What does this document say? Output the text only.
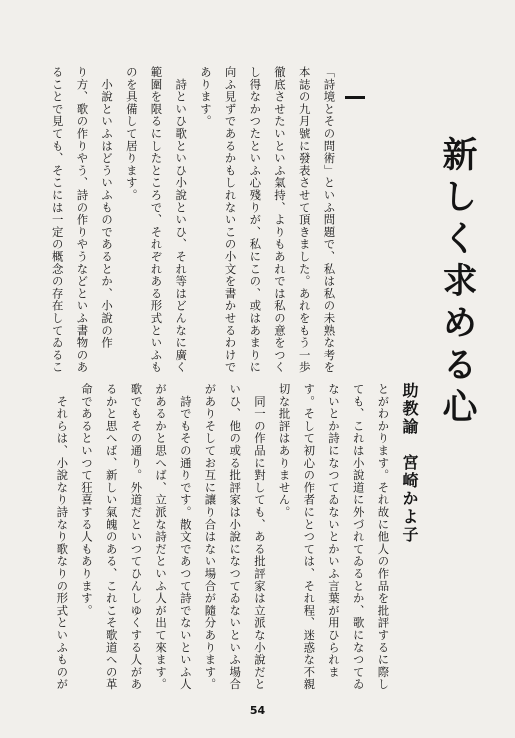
「詩境とその問術」といふ問題で、私は私の未熟な考を
本誌の九月號に發表させて頂きました。あれをもう一歩
徹底させたいといふ氣持、よりもあれでは私の意をつく
し得なかつたといふ心殘りが、私にこの、或はあまりに
向ふ見ずであるかもしれないこの小文を書かせるわけで
あります。
　詩といひ歌といひ小說といひ、それ等はどんなに廣く
範圍を限るにしたところで、それぞれある形式といふも
のを具備して居ります。
　小說といふはどういふものであるとか、小說の作
り方、歌の作りやう、詩の作りやうなどといふ書物のあ
ることで見ても、そこには一定の概念の存在してゐるこ	新しく求める心
助教諭　宮崎かよ子
とがわかります。それ故に他人の作品を批評するに際し
ても、これは小說道に外づれてゐるとか、歌になつてゐ
ないとか詩になつてゐないとかいふ言葉が用ひられま
す。そして初心の作者にとつては、それ程、迷惑な不親
切な批評はありません。
　同一の作品に對しても、ある批評家は立派な小說だと
いひ、他の或る批評家は小說になつてゐないといふ場合
がありそしてお互に讓り合はない場合が隨分あります。
　詩でもその通りです。散文であつて詩でないといふ人
があるかと思へば、立派な詩だといふ人が出て來ます。
歌でもその通り。外道だといつてひんしゆくする人があ
るかと思へば、新しい氣魄のある、これこそ歌道への革
命であるといつて狂喜する人もあります。
　それらは、小說なり詩なり歌なりの形式といふものが
54
